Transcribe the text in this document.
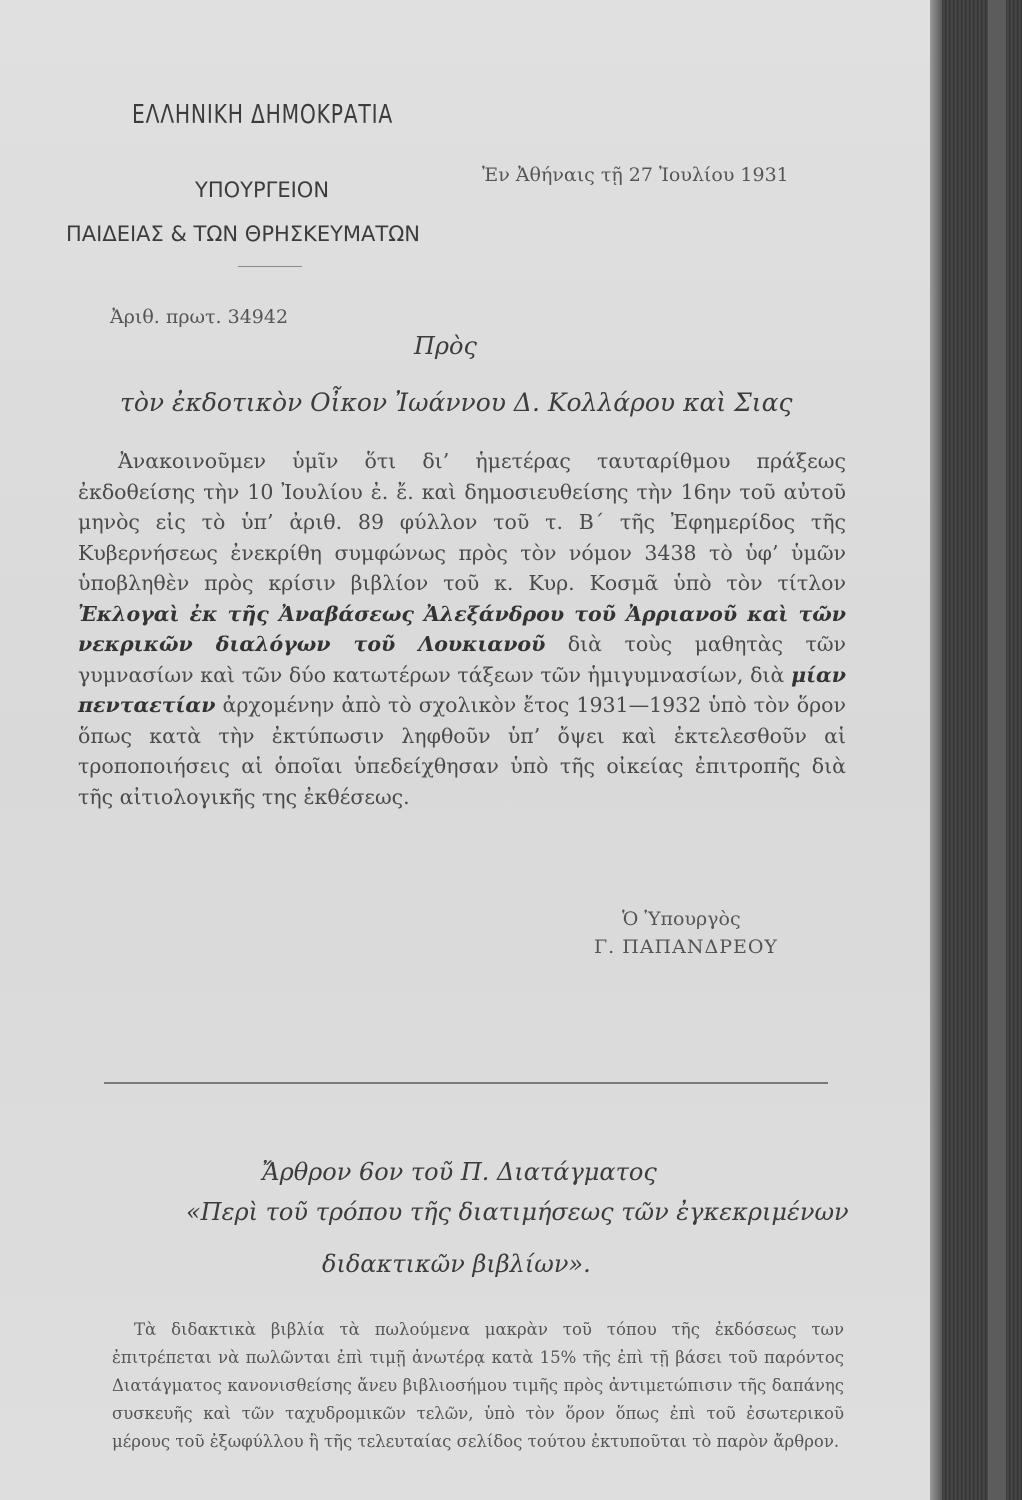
ΕΛΛΗΝΙΚΗ ΔΗΜΟΚΡΑΤΙΑ
ΥΠΟΥΡΓΕΙΟΝ
ΠΑΙΔΕΙΑΣ & ΤΩΝ ΘΡΗΣΚΕΥΜΑΤΩΝ
Ἐν Ἀθήναις τῇ 27 Ἰουλίου 1931
Ἀριθ. πρωτ. 34942
Πρὸς
τὸν ἐκδοτικὸν Οἶκον Ἰωάννου Δ. Κολλάρου καὶ Σιας
Ἀνακοινοῦμεν ὑμῖν ὅτι δι’ ἡμετέρας ταυταρίθμου πράξεως ἐκδοθείσης τὴν 10 Ἰουλίου ἐ. ἔ. καὶ δημοσιευθείσης τὴν 16ην τοῦ αὐτοῦ μηνὸς εἰς τὸ ὑπ’ ἀριθ. 89 φύλλον τοῦ τ. Β΄ τῆς Ἐφημερίδος τῆς Κυβερνήσεως ἐνεκρίθη συμφώνως πρὸς τὸν νόμον 3438 τὸ ὑφ’ ὑμῶν ὑποβληθὲν πρὸς κρίσιν βιβλίον τοῦ κ. Κυρ. Κοσμᾶ ὑπὸ τὸν τίτλον Ἐκλογαὶ ἐκ τῆς Ἀναβάσεως Ἀλεξάνδρου τοῦ Ἀρριανοῦ καὶ τῶν νεκρικῶν διαλόγων τοῦ Λουκιανοῦ διὰ τοὺς μαθητὰς τῶν γυμνασίων καὶ τῶν δύο κατωτέρων τάξεων τῶν ἡμιγυμνασίων, διὰ μίαν πενταετίαν ἀρχομένην ἀπὸ τὸ σχολικὸν ἔτος 1931—1932 ὑπὸ τὸν ὅρον ὅπως κατὰ τὴν ἐκτύπωσιν ληφθοῦν ὑπ’ ὄψει καὶ ἐκτελεσθοῦν αἱ τροποποιήσεις αἱ ὁποῖαι ὑπεδείχθησαν ὑπὸ τῆς οἰκείας ἐπιτροπῆς διὰ τῆς αἰτιολογικῆς της ἐκθέσεως.
Ὁ Ὑπουργὸς
Γ. ΠΑΠΑΝΔΡΕΟΥ
Ἄρθρον 6ον τοῦ Π. Διατάγματος
«Περὶ τοῦ τρόπου τῆς διατιμήσεως τῶν ἐγκεκριμένων
διδακτικῶν βιβλίων».
Τὰ διδακτικὰ βιβλία τὰ πωλούμενα μακρὰν τοῦ τόπου τῆς ἐκδόσεως των ἐπιτρέπεται νὰ πωλῶνται ἐπὶ τιμῇ ἀνωτέρᾳ κατὰ 15% τῆς ἐπὶ τῇ βάσει τοῦ παρόντος Διατάγματος κανονισθείσης ἄνευ βιβλιοσήμου τιμῆς πρὸς ἀντιμετώπισιν τῆς δαπάνης συσκευῆς καὶ τῶν ταχυδρομικῶν τελῶν, ὑπὸ τὸν ὅρον ὅπως ἐπὶ τοῦ ἐσωτερικοῦ μέρους τοῦ ἐξωφύλλου ἢ τῆς τελευταίας σελίδος τούτου ἐκτυποῦται τὸ παρὸν ἄρθρον.
